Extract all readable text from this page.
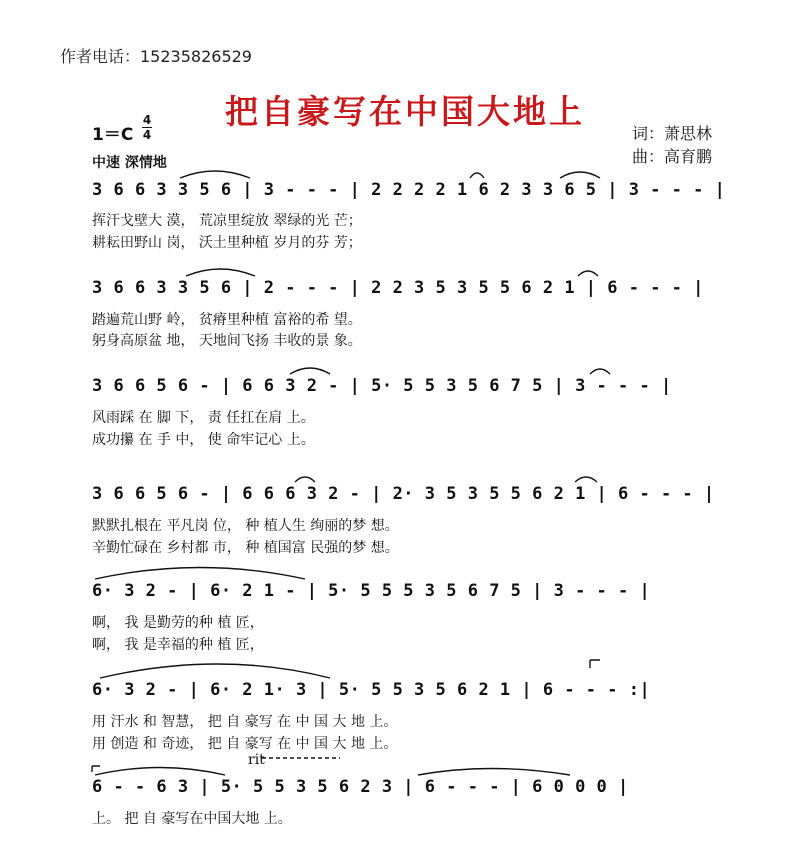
作者电话：15235826529
把自豪写在中国大地上
1＝C
4
4
中速 深情地
词：萧思林
曲：高育鹏
3 6 6 3 3 5 6 | 3 - - - | 2 2 2 2 1 6 2 3 3 6 5 | 3 - - - |
挥汗戈壁大 漠， 荒凉里绽放 翠绿的光 芒；
耕耘田野山 岗， 沃土里种植 岁月的芬 芳；
3 6 6 3 3 5 6 | 2 - - - | 2 2 3 5 3 5 5 6 2 1 | 6 - - - |
踏遍荒山野 岭， 贫瘠里种植 富裕的希 望。
躬身高原盆 地， 天地间飞扬 丰收的景 象。
3 6 6 5 6 - | 6 6 3 2 - | 5· 5 5 3 5 6 7 5 | 3 - - - |
风雨踩 在 脚 下， 责 任扛在肩 上。
成功攥 在 手 中， 使 命牢记心 上。
3 6 6 5 6 - | 6 6 6 3 2 - | 2· 3 5 3 5 5 6 2 1 | 6 - - - |
默默扎根在 平凡岗 位， 种 植人生 绚丽的梦 想。
辛勤忙碌在 乡村都 市， 种 植国富 民强的梦 想。
6· 3 2 - | 6· 2 1 - | 5· 5 5 5 3 5 6 7 5 | 3 - - - |
啊， 我 是勤劳的种 植 匠，
啊， 我 是幸福的种 植 匠，
6· 3 2 - | 6· 2 1· 3 | 5· 5 5 3 5 6 2 1 | 6 - - - :|
用 汗水 和 智慧， 把 自 豪写 在 中 国 大 地 上。
用 创造 和 奇迹， 把 自 豪写 在 中 国 大 地 上。
rit
6 - - 6 3 | 5· 5 5 3 5 6 2 3 | 6 - - - | 6 0 0 0 |
上。 把 自 豪写在中国大地 上。
